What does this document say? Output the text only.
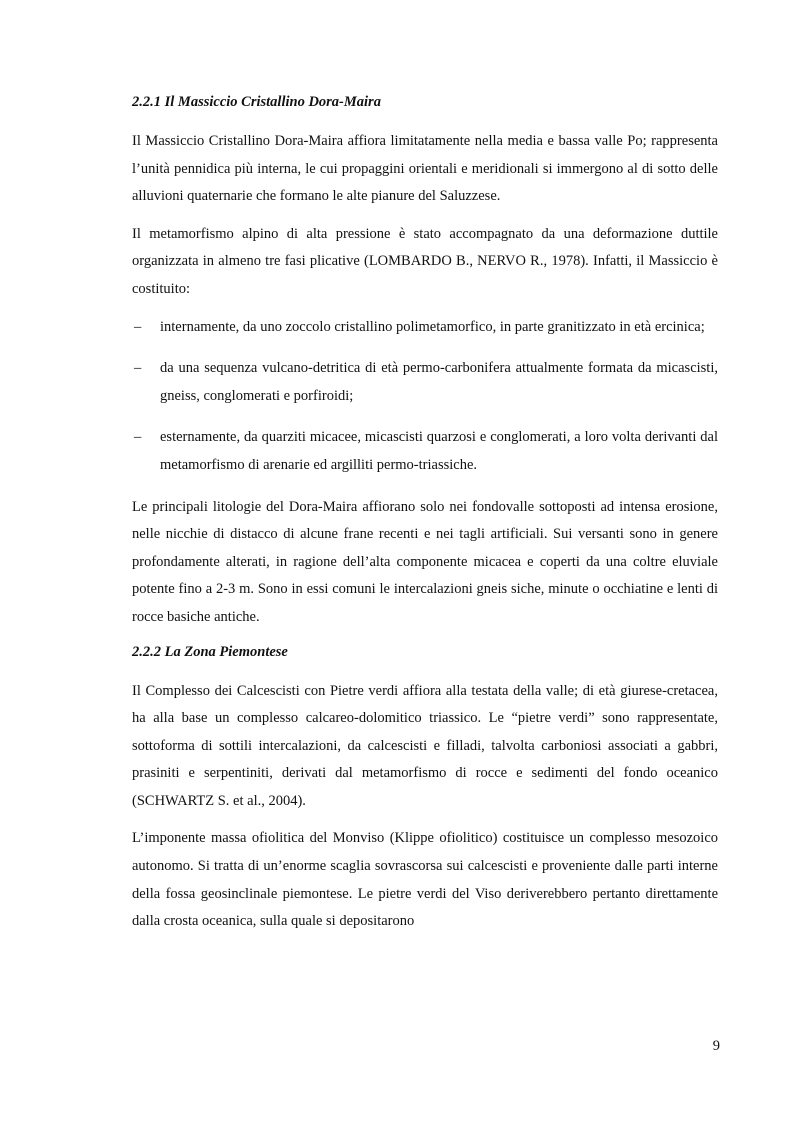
2.2.1 Il Massiccio Cristallino Dora-Maira

Il Massiccio Cristallino Dora-Maira affiora limitatamente nella media e bassa valle Po; rappresenta l’unità pennidica più interna, le cui propaggini orientali e meridionali si immergono al di sotto delle alluvioni quaternarie che formano le alte pianure del Saluzzese.

Il metamorfismo alpino di alta pressione è stato accompagnato da una deformazione duttile organizzata in almeno tre fasi plicative (LOMBARDO B., NERVO R., 1978). Infatti, il Massiccio è costituito:

– internamente, da uno zoccolo cristallino polimetamorfico, in parte granitizzato in età ercinica;
– da una sequenza vulcano-detritica di età permo-carbonifera attualmente formata da micascisti, gneiss, conglomerati e porfiroidi;
– esternamente, da quarziti micacee, micascisti quarzosi e conglomerati, a loro volta derivanti dal metamorfismo di arenarie ed argilliti permo-triassiche.

Le principali litologie del Dora-Maira affiorano solo nei fondovalle sottoposti ad intensa erosione, nelle nicchie di distacco di alcune frane recenti e nei tagli artificiali. Sui versanti sono in genere profondamente alterati, in ragione dell’alta componente micacea e coperti da una coltre eluviale potente fino a 2-3 m. Sono in essi comuni le intercalazioni gneis siche, minute o occhiatine e lenti di rocce basiche antiche.

2.2.2 La Zona Piemontese

Il Complesso dei Calcescisti con Pietre verdi affiora alla testata della valle; di età giurese-cretacea, ha alla base un complesso calcareo-dolomitico triassico. Le “pietre verdi” sono rappresentate, sottoforma di sottili intercalazioni, da calcescisti e filladi, talvolta carboniosi associati a gabbri, prasiniti e serpentiniti, derivati dal metamorfismo di rocce e sedimenti del fondo oceanico (SCHWARTZ S. et al., 2004).

L’imponente massa ofiolitica del Monviso (Klippe ofiolitico) costituisce un complesso mesozoico autonomo. Si tratta di un’enorme scaglia sovrascorsa sui calcescisti e proveniente dalle parti interne della fossa geosinclinale piemontese. Le pietre verdi del Viso deriverebbero pertanto direttamente dalla crosta oceanica, sulla quale si depositarono

9
